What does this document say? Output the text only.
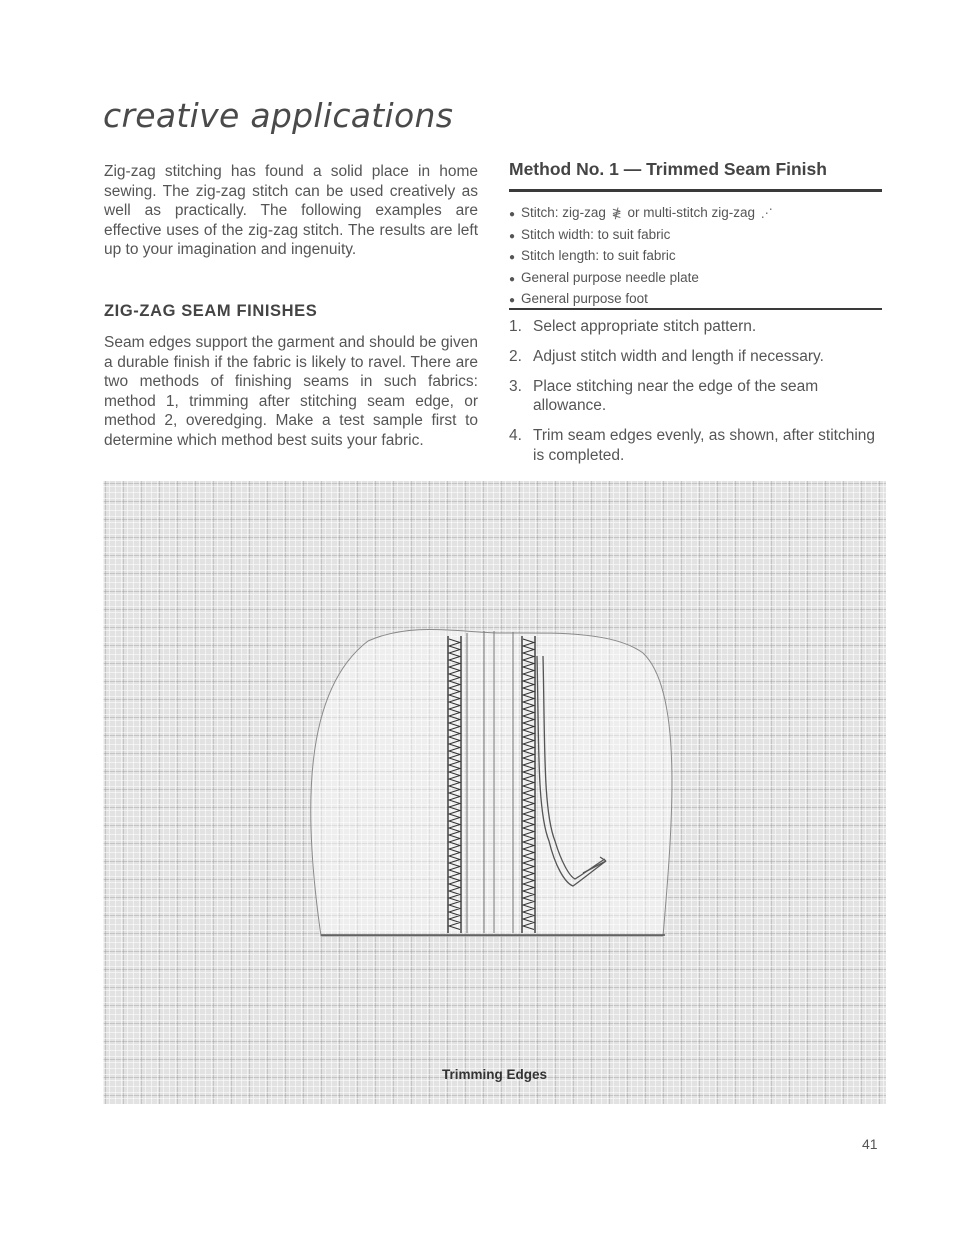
creative applications

Zig-zag stitching has found a solid place in home sewing. The zig-zag stitch can be used creatively as well as practically. The following examples are effective uses of the zig-zag stitch. The results are left up to your imagination and ingenuity.

ZIG-ZAG SEAM FINISHES

Seam edges support the garment and should be given a durable finish if the fabric is likely to ravel. There are two methods of finishing seams in such fabrics: method 1, trimming after stitching seam edge, or method 2, overedging. Make a test sample first to determine which method best suits your fabric.

Method No. 1 — Trimmed Seam Finish
● Stitch: zig-zag ≹ or multi-stitch zig-zag ⋰
● Stitch width: to suit fabric
● Stitch length: to suit fabric
● General purpose needle plate
● General purpose foot
1. Select appropriate stitch pattern.
2. Adjust stitch width and length if necessary.
3. Place stitching near the edge of the seam allowance.
4. Trim seam edges evenly, as shown, after stitching is completed.
Trimming Edges
41
